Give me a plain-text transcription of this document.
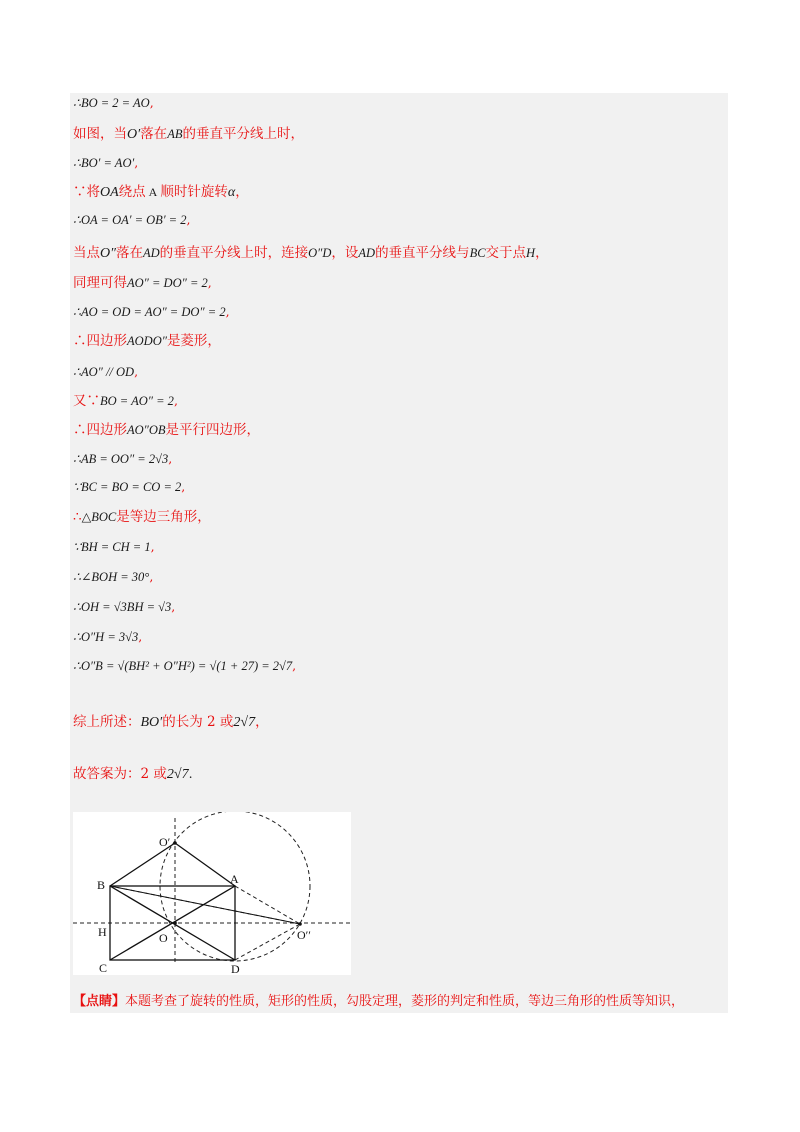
∴BO = 2 = AO,
如图，当O′落在AB的垂直平分线上时，
∴BO′ = AO′,
∵将OA绕点 A 顺时针旋转α，
∴OA = OA′ = OB′ = 2,
当点O″落在AD的垂直平分线上时，连接O″D，设AD的垂直平分线与BC交于点H，
同理可得AO″ = DO″ = 2,
∴AO = OD = AO″ = DO″ = 2,
∴四边形AODO″是菱形，
∴AO″ // OD,
又∵BO = AO″ = 2,
∴四边形AO″OB是平行四边形，
∴AB = OO″ = 2√3,
∵BC = BO = CO = 2,
∴△BOC是等边三角形，
∵BH = CH = 1,
∴∠BOH = 30°,
∴OH = √3BH = √3,
∴O″H = 3√3,
∴O″B = √(BH² + O″H²) = √(1 + 27) = 2√7,
综上所述：BO′的长为 2 或2√7，
故答案为：2 或2√7.
O′
B	A
H	O	O′′
C	D
【点睛】本题考查了旋转的性质，矩形的性质，勾股定理，菱形的判定和性质，等边三角形的性质等知识，
